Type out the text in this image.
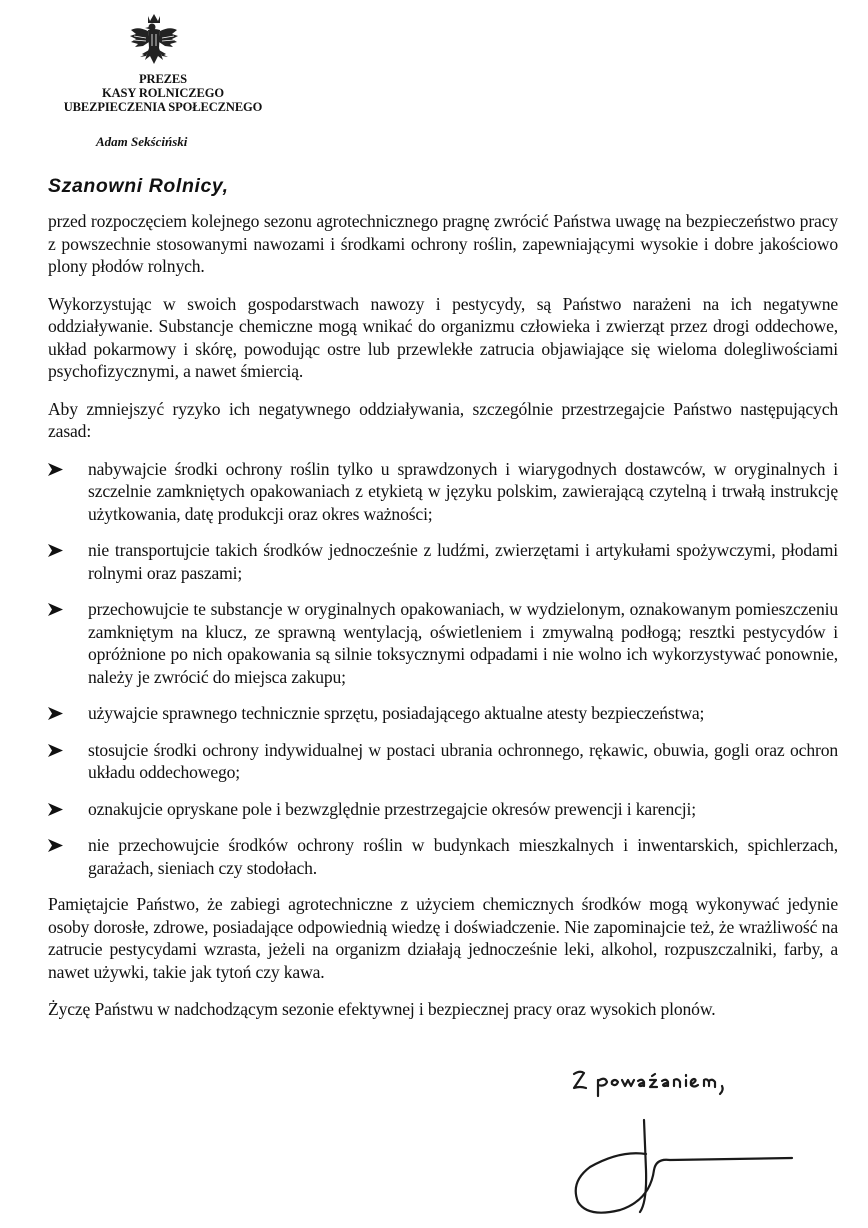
PREZES
KASY ROLNICZEGO
UBEZPIECZENIA SPOŁECZNEGO
Adam Sekściński
Szanowni Rolnicy,

przed rozpoczęciem kolejnego sezonu agrotechnicznego pragnę zwrócić Państwa uwagę na bezpieczeństwo pracy z powszechnie stosowanymi nawozami i środkami ochrony roślin, zapewniającymi wysokie i dobre jakościowo plony płodów rolnych.

Wykorzystując w swoich gospodarstwach nawozy i pestycydy, są Państwo narażeni na ich negatywne oddziaływanie. Substancje chemiczne mogą wnikać do organizmu człowieka i zwierząt przez drogi oddechowe, układ pokarmowy i skórę, powodując ostre lub przewlekłe zatrucia objawiające się wieloma dolegliwościami psychofizycznymi, a nawet śmiercią.

Aby zmniejszyć ryzyko ich negatywnego oddziaływania, szczególnie przestrzegajcie Państwo następujących zasad:

nabywajcie środki ochrony roślin tylko u sprawdzonych i wiarygodnych dostawców, w oryginalnych i szczelnie zamkniętych opakowaniach z etykietą w języku polskim, zawierającą czytelną i trwałą instrukcję użytkowania, datę produkcji oraz okres ważności;
nie transportujcie takich środków jednocześnie z ludźmi, zwierzętami i artykułami spożywczymi, płodami rolnymi oraz paszami;
przechowujcie te substancje w oryginalnych opakowaniach, w wydzielonym, oznakowanym pomieszczeniu zamkniętym na klucz, ze sprawną wentylacją, oświetleniem i zmywalną podłogą; resztki pestycydów i opróżnione po nich opakowania są silnie toksycznymi odpadami i nie wolno ich wykorzystywać ponownie, należy je zwrócić do miejsca zakupu;
używajcie sprawnego technicznie sprzętu, posiadającego aktualne atesty bezpieczeństwa;
stosujcie środki ochrony indywidualnej w postaci ubrania ochronnego, rękawic, obuwia, gogli oraz ochron układu oddechowego;
oznakujcie opryskane pole i bezwzględnie przestrzegajcie okresów prewencji i karencji;
nie przechowujcie środków ochrony roślin w budynkach mieszkalnych i inwentarskich, spichlerzach, garażach, sieniach czy stodołach.

Pamiętajcie Państwo, że zabiegi agrotechniczne z użyciem chemicznych środków mogą wykonywać jedynie osoby dorosłe, zdrowe, posiadające odpowiednią wiedzę i doświadczenie. Nie zapominajcie też, że wrażliwość na zatrucie pestycydami wzrasta, jeżeli na organizm działają jednocześnie leki, alkohol, rozpuszczalniki, farby, a nawet używki, takie jak tytoń czy kawa.

Życzę Państwu w nadchodzącym sezonie efektywnej i bezpiecznej pracy oraz wysokich plonów.
